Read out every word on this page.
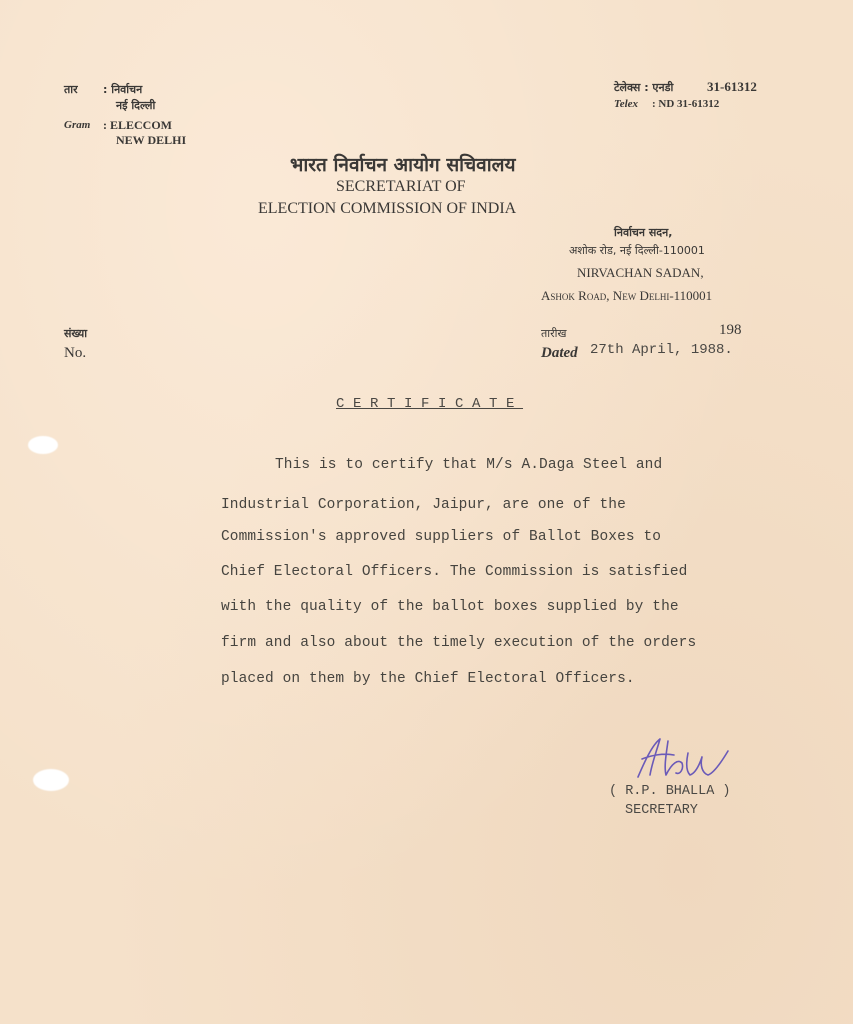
तार : निर्वाचन
नई दिल्ली
Gram : ELECCOM
NEW DELHI
टेलेक्स : एनडी	31-61312
Telex : ND 31-61312
भारत निर्वाचन आयोग सचिवालय
SECRETARIAT OF
ELECTION COMMISSION OF INDIA
निर्वाचन सदन,
अशोक रोड, नई दिल्ली-110001
NIRVACHAN SADAN,
Ashok Road, New Delhi-110001
संख्या
No.
तारीख	198
Dated 27th April, 1988.
CERTIFICATE
This is to certify that M/s A.Daga Steel and
Industrial Corporation, Jaipur, are one of the
Commission's approved suppliers of Ballot Boxes to
Chief Electoral Officers. The Commission is satisfied
with the quality of the ballot boxes supplied by the
firm and also about the timely execution of the orders
placed on them by the Chief Electoral Officers.
( R.P. BHALLA )
SECRETARY
